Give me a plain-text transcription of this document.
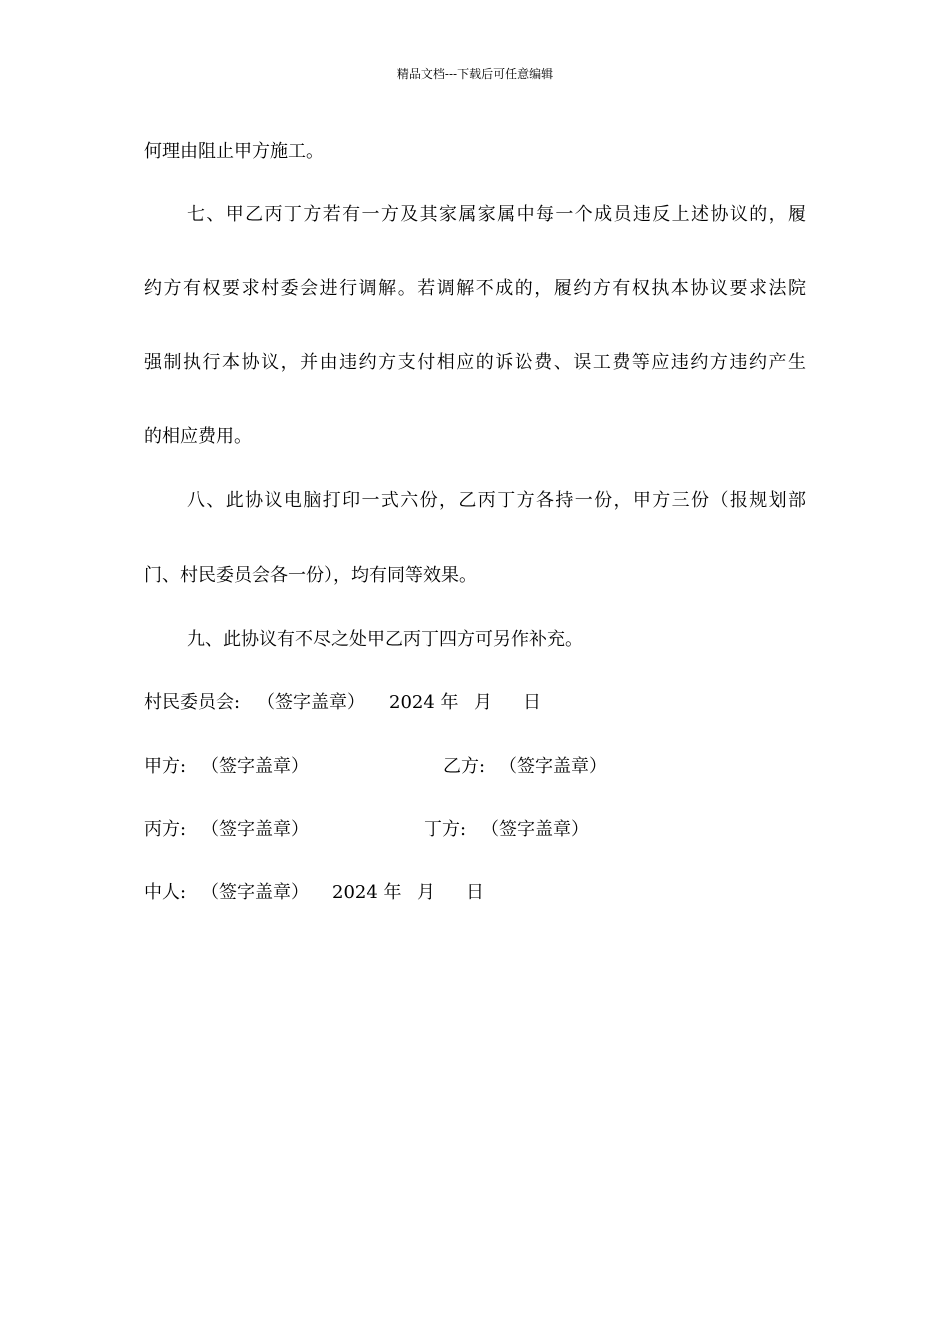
精品文档---下载后可任意编辑
何理由阻止甲方施工。
七、甲乙丙丁方若有一方及其家属家属中每一个成员违反上述协议的，履
约方有权要求村委会进行调解。若调解不成的，履约方有权执本协议要求法院
强制执行本协议，并由违约方支付相应的诉讼费、误工费等应违约方违约产生
的相应费用。
八、此协议电脑打印一式六份，乙丙丁方各持一份，甲方三份（报规划部
门、村民委员会各一份），均有同等效果。
九、此协议有不尽之处甲乙丙丁四方可另作补充。
村民委员会: （签字盖章） 2024 年 月 日
甲方: （签字盖章）	乙方: （签字盖章）
丙方: （签字盖章）	丁方: （签字盖章）
中人: （签字盖章） 2024 年 月 日
